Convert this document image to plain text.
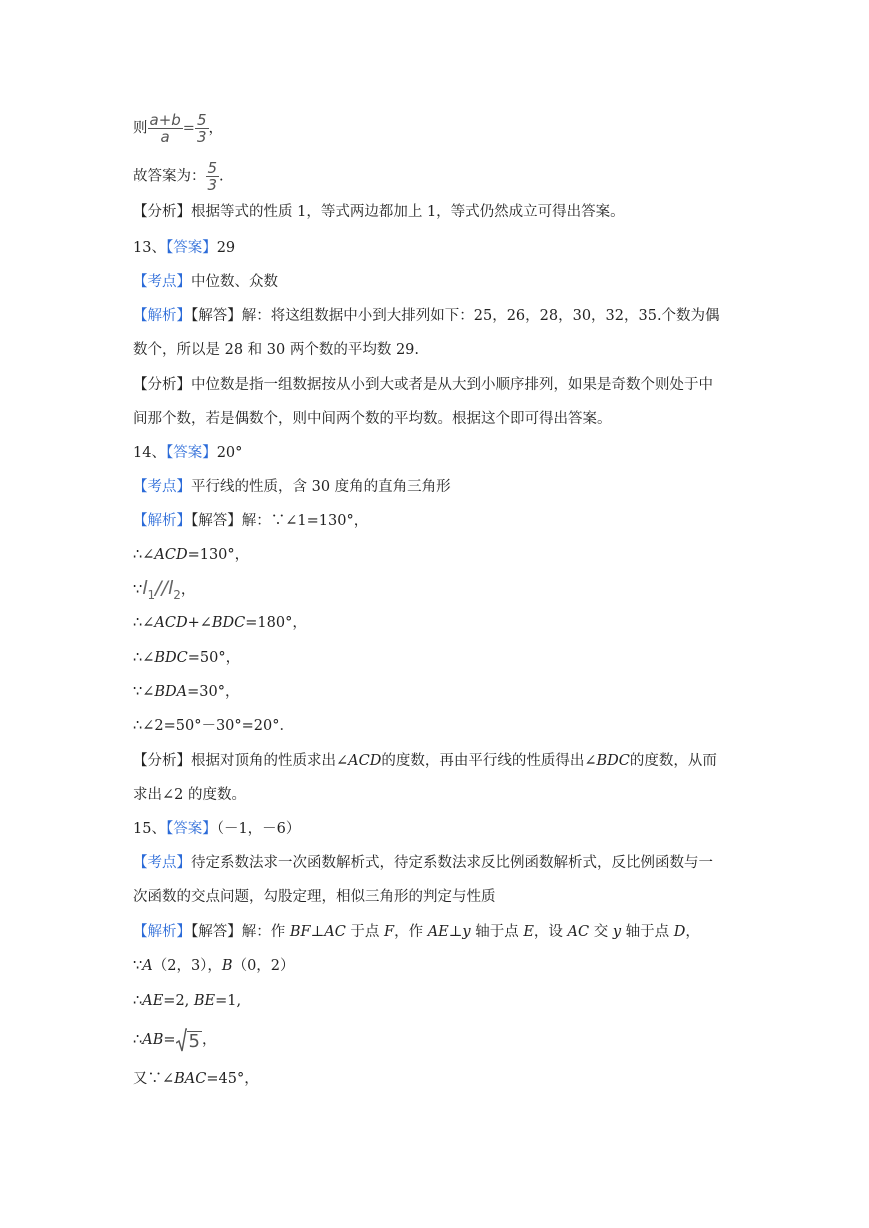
则 $\frac{a+b}{a} = \frac{5}{3}$ ，
故答案为： $\frac{5}{3}$ .
【分析】根据等式的性质 1，等式两边都加上 1，等式仍然成立可得出答案。
13、【答案】29
【考点】中位数、众数
【解析】【解答】解：将这组数据中小到大排列如下：25，26，28，30，32，35.个数为偶
数个，所以是 28 和 30 两个数的平均数 29.
【分析】中位数是指一组数据按从小到大或者是从大到小顺序排列，如果是奇数个则处于中
间那个数，若是偶数个，则中间两个数的平均数。根据这个即可得出答案。
14、【答案】20°
【考点】平行线的性质，含 30 度角的直角三角形
【解析】【解答】解：∵∠1=130°，
∴∠ACD=130°，
$\because l_1//l_2$，
∴∠ACD+∠BDC=180°，
∴∠BDC=50°，
∵∠BDA=30°，
∴∠2=50°－30°=20°．
【分析】根据对顶角的性质求出∠ACD的度数，再由平行线的性质得出∠BDC的度数，从而
求出∠2 的度数。
15、【答案】（－1，－6）
【考点】待定系数法求一次函数解析式，待定系数法求反比例函数解析式，反比例函数与一
次函数的交点问题，勾股定理，相似三角形的判定与性质
【解析】【解答】解：作 BF⊥AC 于点 F，作 AE⊥y 轴于点 E，设 AC 交 y 轴于点 D，
∵A（2，3），B（0，2）
∴AE=2, BE=1,
∴AB= 5 ，
又∵∠BAC=45°，
